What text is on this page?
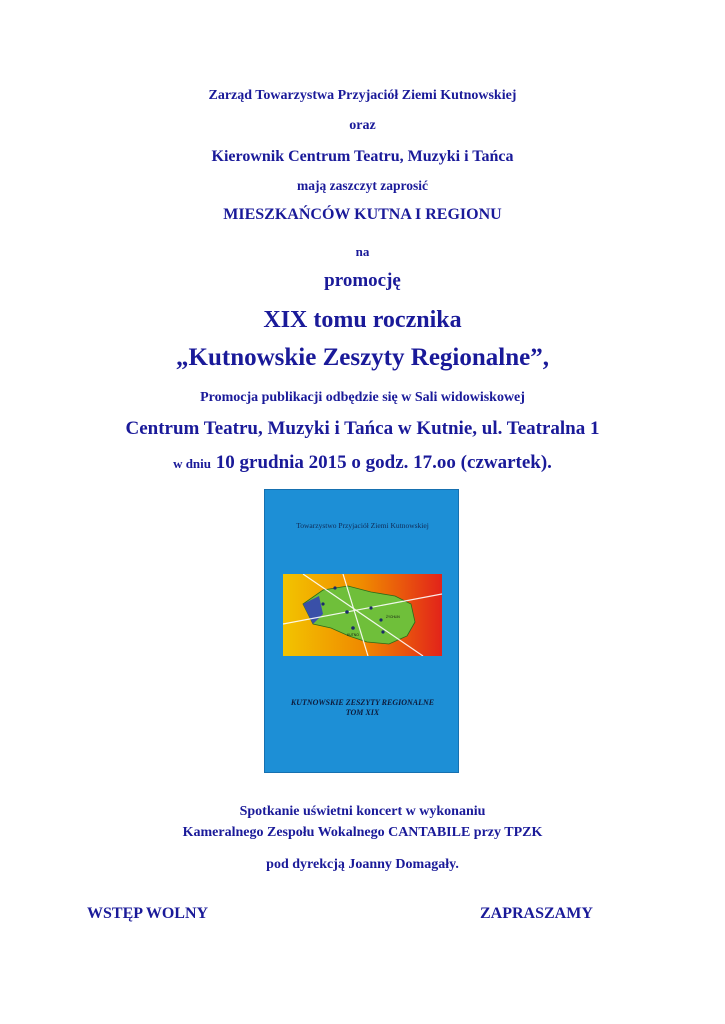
Zarząd Towarzystwa Przyjaciół Ziemi Kutnowskiej
oraz
Kierownik Centrum Teatru, Muzyki i Tańca
mają zaszczyt zaprosić
MIESZKAŃCÓW KUTNA I REGIONU
na
promocję
XIX tomu rocznika
„Kutnowskie Zeszyty Regionalne”,
Promocja publikacji odbędzie się w Sali widowiskowej
Centrum Teatru, Muzyki i Tańca w Kutnie, ul. Teatralna 1
w dniu 10 grudnia 2015 o godz. 17.oo (czwartek).
Towarzystwo Przyjaciół Ziemi Kutnowskiej
ŻYCHLIN
KUTNO
KUTNOWSKIE ZESZYTY REGIONALNE
TOM XIX
Spotkanie uświetni koncert w wykonaniu
Kameralnego Zespołu Wokalnego CANTABILE przy TPZK
pod dyrekcją Joanny Domagały.
WSTĘP WOLNY	ZAPRASZAMY
